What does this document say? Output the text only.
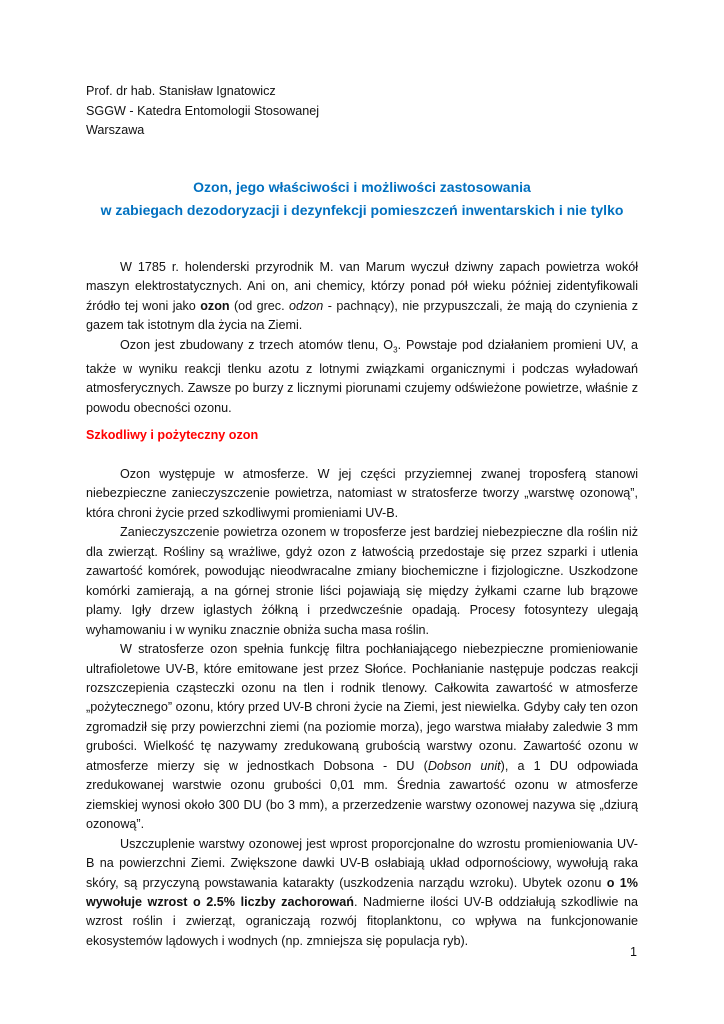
Prof. dr hab. Stanisław Ignatowicz
SGGW - Katedra Entomologii Stosowanej
Warszawa
Ozon, jego właściwości i możliwości zastosowania
w zabiegach dezodoryzacji i dezynfekcji pomieszczeń inwentarskich i nie tylko

W 1785 r. holenderski przyrodnik M. van Marum wyczuł dziwny zapach powietrza wokół maszyn elektrostatycznych. Ani on, ani chemicy, którzy ponad pół wieku później zidentyfikowali źródło tej woni jako ozon (od grec. odzon - pachnący), nie przypuszczali, że mają do czynienia z gazem tak istotnym dla życia na Ziemi.

Ozon jest zbudowany z trzech atomów tlenu, $O_3$. Powstaje pod działaniem promieni UV, a także w wyniku reakcji tlenku azotu z lotnymi związkami organicznymi i podczas wyładowań atmosferycznych. Zawsze po burzy z licznymi piorunami czujemy odświeżone powietrze, właśnie z powodu obecności ozonu.

Szkodliwy i pożyteczny ozon

Ozon występuje w atmosferze. W jej części przyziemnej zwanej troposferą stanowi niebezpieczne zanieczyszczenie powietrza, natomiast w stratosferze tworzy „warstwę ozonową”, która chroni życie przed szkodliwymi promieniami UV-B.

Zanieczyszczenie powietrza ozonem w troposferze jest bardziej niebezpieczne dla roślin niż dla zwierząt. Rośliny są wrażliwe, gdyż ozon z łatwością przedostaje się przez szparki i utlenia zawartość komórek, powodując nieodwracalne zmiany biochemiczne i fizjologiczne. Uszkodzone komórki zamierają, a na górnej stronie liści pojawiają się między żyłkami czarne lub brązowe plamy. Igły drzew iglastych żółkną i przedwcześnie opadają. Procesy fotosyntezy ulegają wyhamowaniu i w wyniku znacznie obniża sucha masa roślin.

W stratosferze ozon spełnia funkcję filtra pochłaniającego niebezpieczne promieniowanie ultrafioletowe UV-B, które emitowane jest przez Słońce. Pochłanianie następuje podczas reakcji rozszczepienia cząsteczki ozonu na tlen i rodnik tlenowy. Całkowita zawartość w atmosferze „pożytecznego” ozonu, który przed UV-B chroni życie na Ziemi, jest niewielka. Gdyby cały ten ozon zgromadził się przy powierzchni ziemi (na poziomie morza), jego warstwa miałaby zaledwie 3 mm grubości. Wielkość tę nazywamy zredukowaną grubością warstwy ozonu. Zawartość ozonu w atmosferze mierzy się w jednostkach Dobsona - DU (Dobson unit), a 1 DU odpowiada zredukowanej warstwie ozonu grubości 0,01 mm. Średnia zawartość ozonu w atmosferze ziemskiej wynosi około 300 DU (bo 3 mm), a przerzedzenie warstwy ozonowej nazywa się „dziurą ozonową”.

Uszczuplenie warstwy ozonowej jest wprost proporcjonalne do wzrostu promieniowania UV-B na powierzchni Ziemi. Zwiększone dawki UV-B osłabiają układ odpornościowy, wywołują raka skóry, są przyczyną powstawania katarakty (uszkodzenia narządu wzroku). Ubytek ozonu o 1% wywołuje wzrost o 2.5% liczby zachorowań. Nadmierne ilości UV-B oddziałują szkodliwie na wzrost roślin i zwierząt, ograniczają rozwój fitoplanktonu, co wpływa na funkcjonowanie ekosystemów lądowych i wodnych (np. zmniejsza się populacja ryb).

1
